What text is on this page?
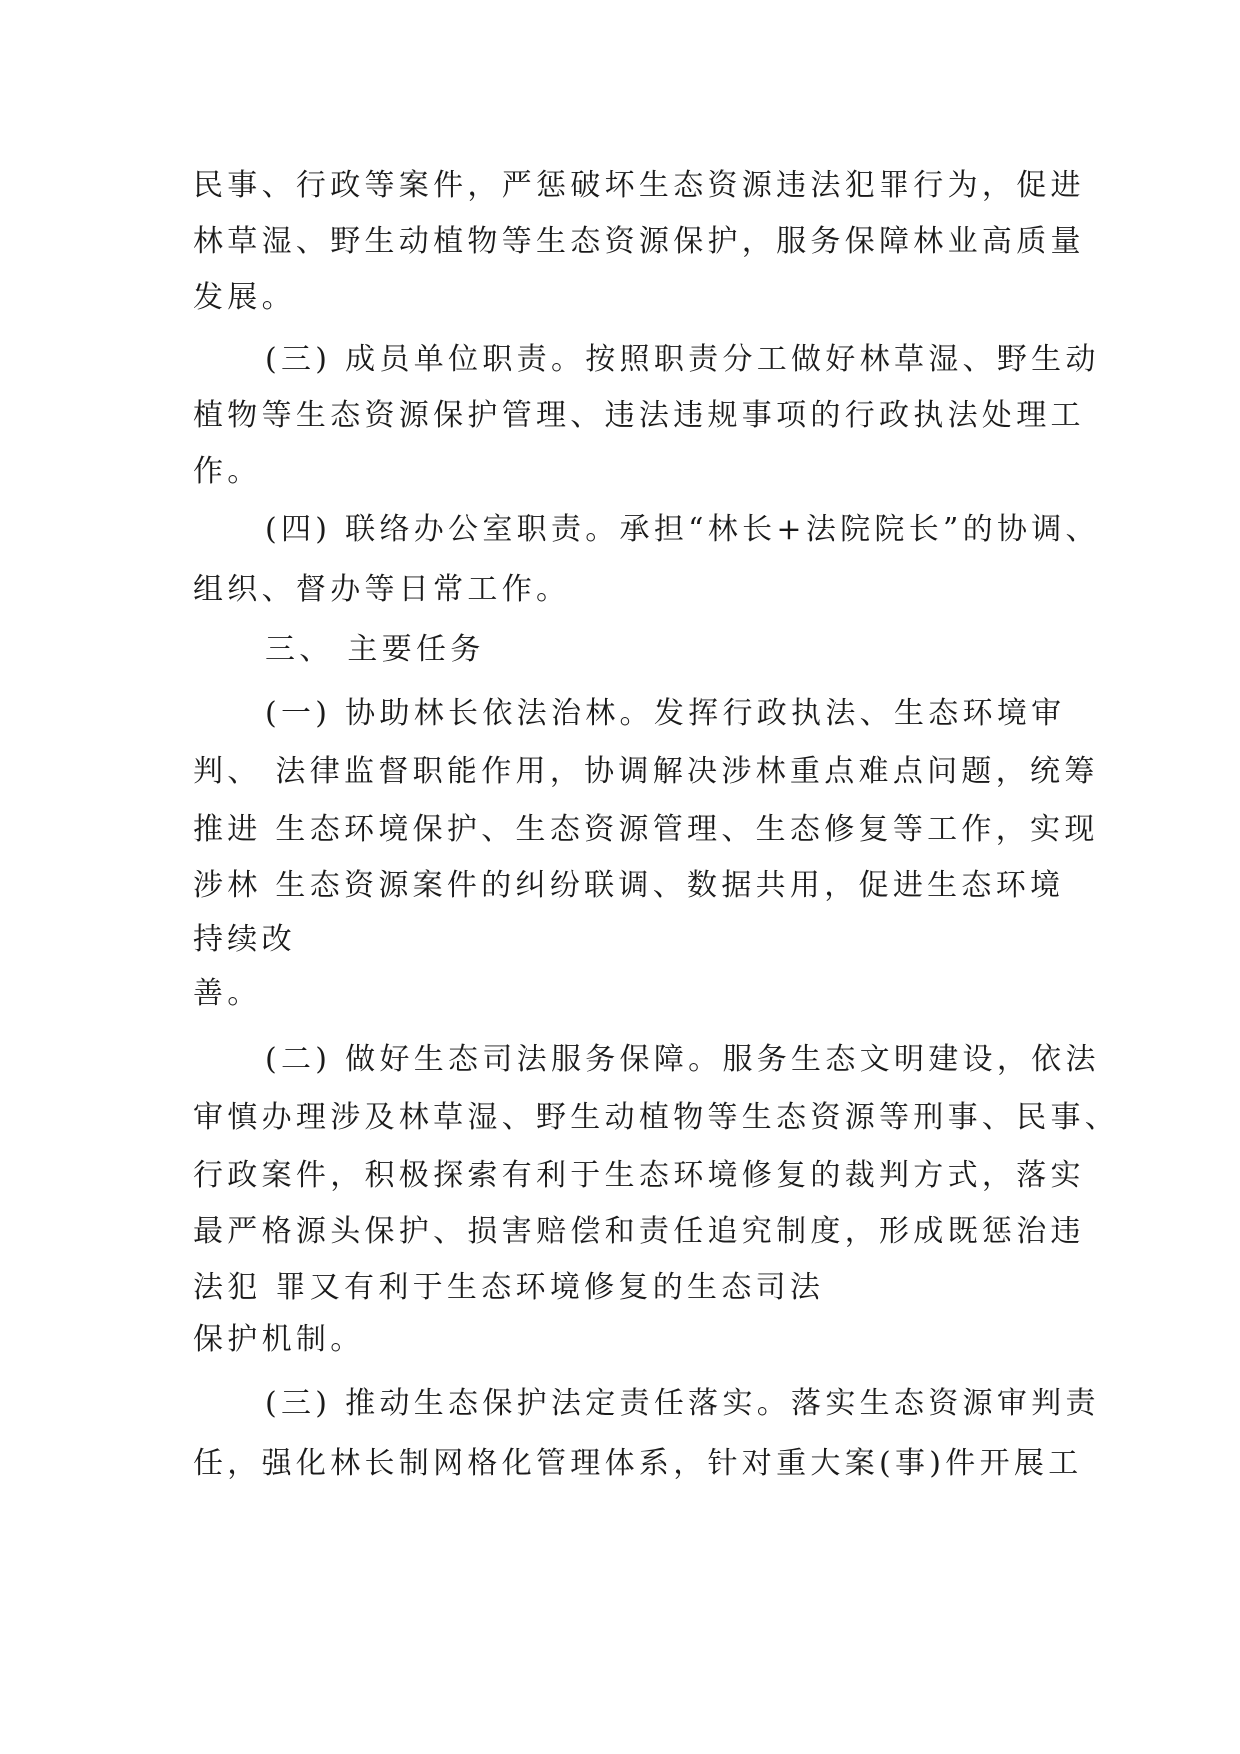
民事、行政等案件，严惩破坏生态资源违法犯罪行为，促进

林草湿、野生动植物等生态资源保护，服务保障林业高质量

发展。

(三) 成员单位职责。按照职责分工做好林草湿、野生动

植物等生态资源保护管理、违法违规事项的行政执法处理工

作。

(四) 联络办公室职责。承担“林长+法院院长”的协调、

组织、督办等日常工作。

三、 主要任务

(一) 协助林长依法治林。发挥行政执法、生态环境审

判、 法律监督职能作用，协调解决涉林重点难点问题，统筹

推进 生态环境保护、生态资源管理、生态修复等工作，实现

涉林 生态资源案件的纠纷联调、数据共用，促进生态环境

持续改

善。

(二) 做好生态司法服务保障。服务生态文明建设，依法

审慎办理涉及林草湿、野生动植物等生态资源等刑事、民事、

行政案件，积极探索有利于生态环境修复的裁判方式，落实

最严格源头保护、损害赔偿和责任追究制度，形成既惩治违

法犯 罪又有利于生态环境修复的生态司法

保护机制。

(三) 推动生态保护法定责任落实。落实生态资源审判责

任，强化林长制网格化管理体系，针对重大案(事)件开展工
